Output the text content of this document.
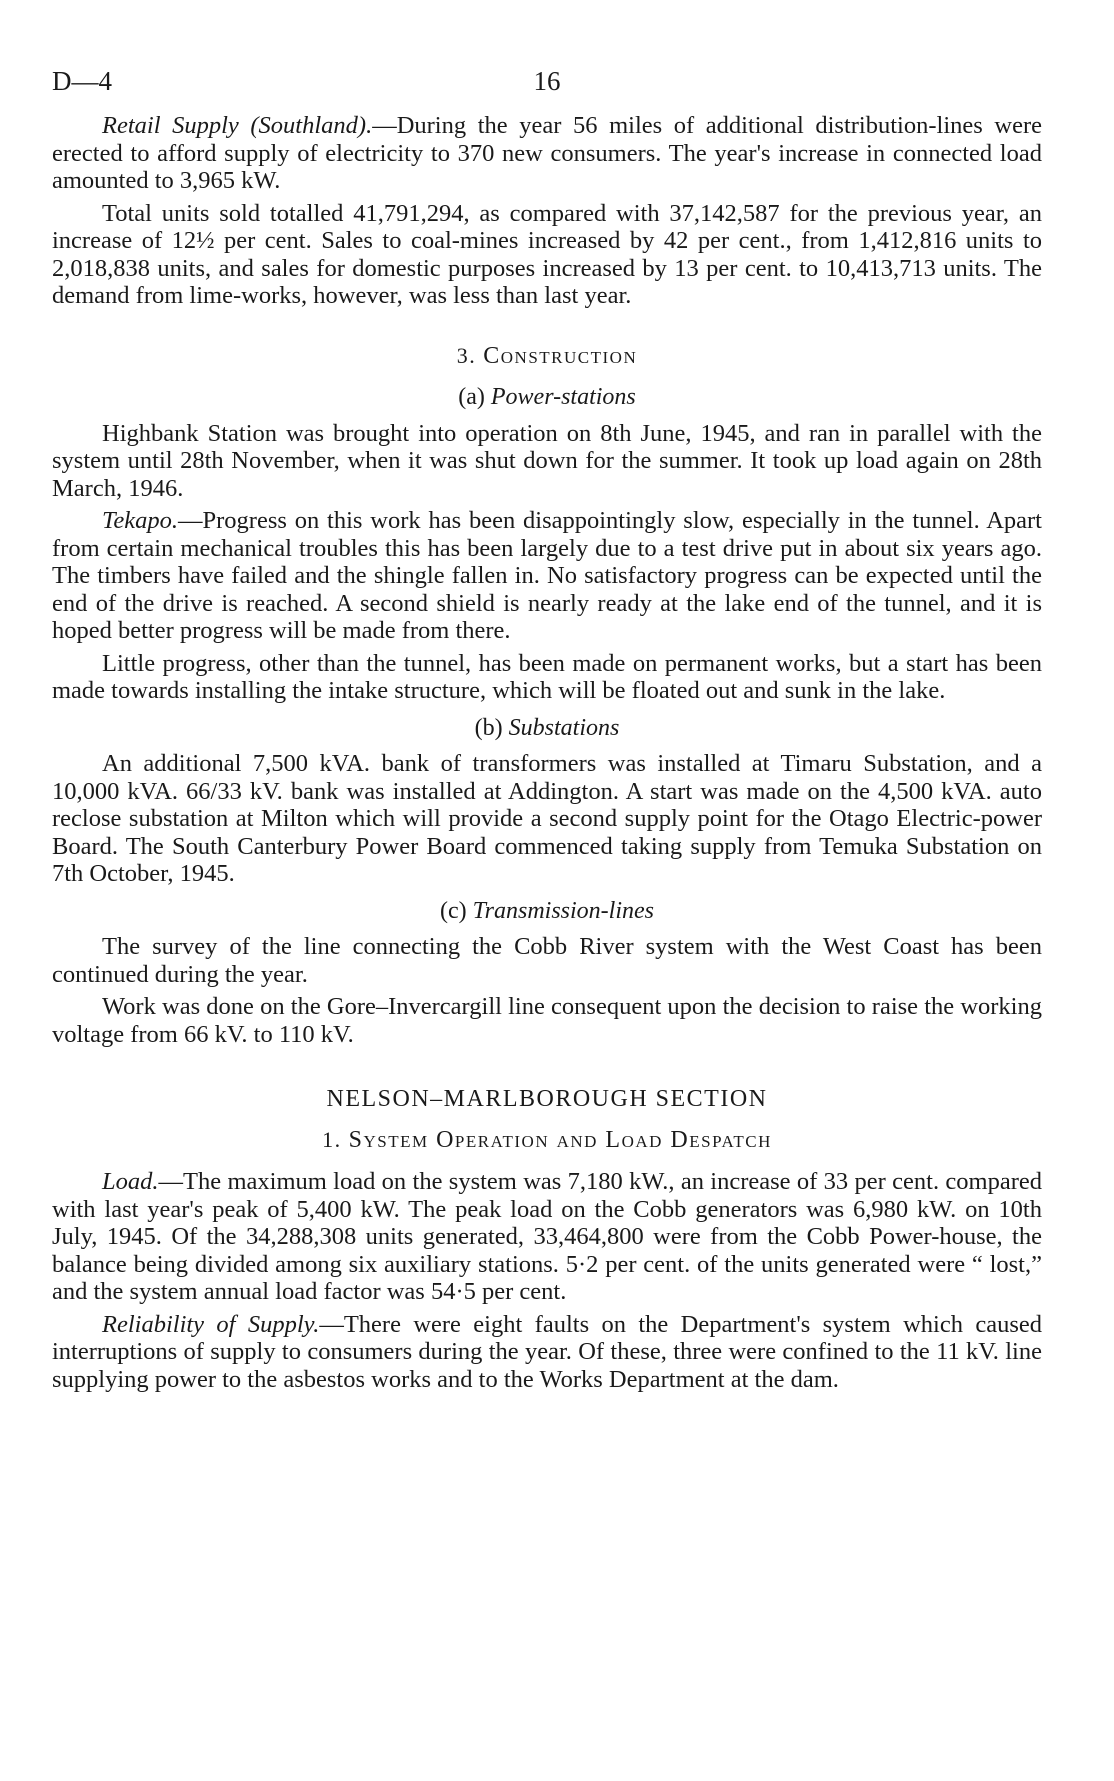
D—4	16

Retail Supply (Southland).—During the year 56 miles of additional distribution-lines were erected to afford supply of electricity to 370 new consumers. The year's increase in connected load amounted to 3,965 kW.

Total units sold totalled 41,791,294, as compared with 37,142,587 for the previous year, an increase of 12½ per cent. Sales to coal-mines increased by 42 per cent., from 1,412,816 units to 2,018,838 units, and sales for domestic purposes increased by 13 per cent. to 10,413,713 units. The demand from lime-works, however, was less than last year.

3. Construction
(a) Power-stations

Highbank Station was brought into operation on 8th June, 1945, and ran in parallel with the system until 28th November, when it was shut down for the summer. It took up load again on 28th March, 1946.

Tekapo.—Progress on this work has been disappointingly slow, especially in the tunnel. Apart from certain mechanical troubles this has been largely due to a test drive put in about six years ago. The timbers have failed and the shingle fallen in. No satisfactory progress can be expected until the end of the drive is reached. A second shield is nearly ready at the lake end of the tunnel, and it is hoped better progress will be made from there.

Little progress, other than the tunnel, has been made on permanent works, but a start has been made towards installing the intake structure, which will be floated out and sunk in the lake.

(b) Substations

An additional 7,500 kVA. bank of transformers was installed at Timaru Substation, and a 10,000 kVA. 66/33 kV. bank was installed at Addington. A start was made on the 4,500 kVA. auto reclose substation at Milton which will provide a second supply point for the Otago Electric-power Board. The South Canterbury Power Board commenced taking supply from Temuka Substation on 7th October, 1945.

(c) Transmission-lines

The survey of the line connecting the Cobb River system with the West Coast has been continued during the year.

Work was done on the Gore–Invercargill line consequent upon the decision to raise the working voltage from 66 kV. to 110 kV.

NELSON–MARLBOROUGH SECTION
1. System Operation and Load Despatch

Load.—The maximum load on the system was 7,180 kW., an increase of 33 per cent. compared with last year's peak of 5,400 kW. The peak load on the Cobb generators was 6,980 kW. on 10th July, 1945. Of the 34,288,308 units generated, 33,464,800 were from the Cobb Power-house, the balance being divided among six auxiliary stations. 5·2 per cent. of the units generated were “ lost,” and the system annual load factor was 54·5 per cent.

Reliability of Supply.—There were eight faults on the Department's system which caused interruptions of supply to consumers during the year. Of these, three were confined to the 11 kV. line supplying power to the asbestos works and to the Works Department at the dam.
